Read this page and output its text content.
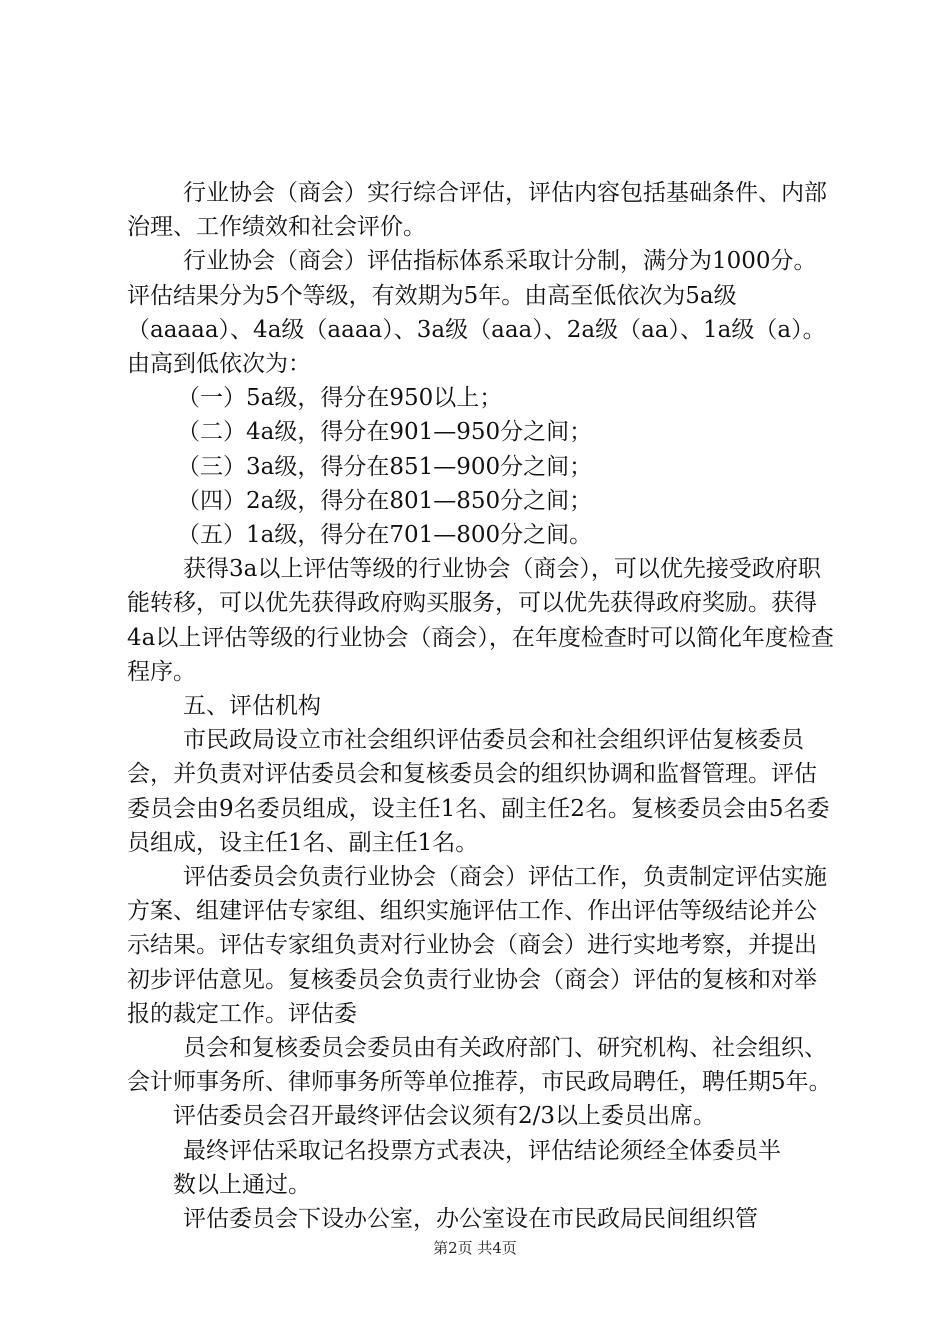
行业协会（商会）实行综合评估，评估内容包括基础条件、内部治理、工作绩效和社会评价。

行业协会（商会）评估指标体系采取计分制，满分为1000分。评估结果分为5个等级，有效期为5年。由高至低依次为5a级（aaaaa）、4a级（aaaa）、3a级（aaa）、2a级（aa）、1a级（a）。由高到低依次为：

（一）5a级，得分在950以上；

（二）4a级，得分在901—950分之间；

（三）3a级，得分在851—900分之间；

（四）2a级，得分在801—850分之间；

（五）1a级，得分在701—800分之间。

获得3a以上评估等级的行业协会（商会），可以优先接受政府职能转移，可以优先获得政府购买服务，可以优先获得政府奖励。获得4a以上评估等级的行业协会（商会），在年度检查时可以简化年度检查程序。

五、评估机构

市民政局设立市社会组织评估委员会和社会组织评估复核委员会，并负责对评估委员会和复核委员会的组织协调和监督管理。评估委员会由9名委员组成，设主任1名、副主任2名。复核委员会由5名委员组成，设主任1名、副主任1名。

评估委员会负责行业协会（商会）评估工作，负责制定评估实施方案、组建评估专家组、组织实施评估工作、作出评估等级结论并公示结果。评估专家组负责对行业协会（商会）进行实地考察，并提出初步评估意见。复核委员会负责行业协会（商会）评估的复核和对举报的裁定工作。评估委

员会和复核委员会委员由有关政府部门、研究机构、社会组织、会计师事务所、律师事务所等单位推荐，市民政局聘任，聘任期5年。

评估委员会召开最终评估会议须有2/3以上委员出席。

最终评估采取记名投票方式表决，评估结论须经全体委员半

数以上通过。

评估委员会下设办公室，办公室设在市民政局民间组织管

第2页 共4页
